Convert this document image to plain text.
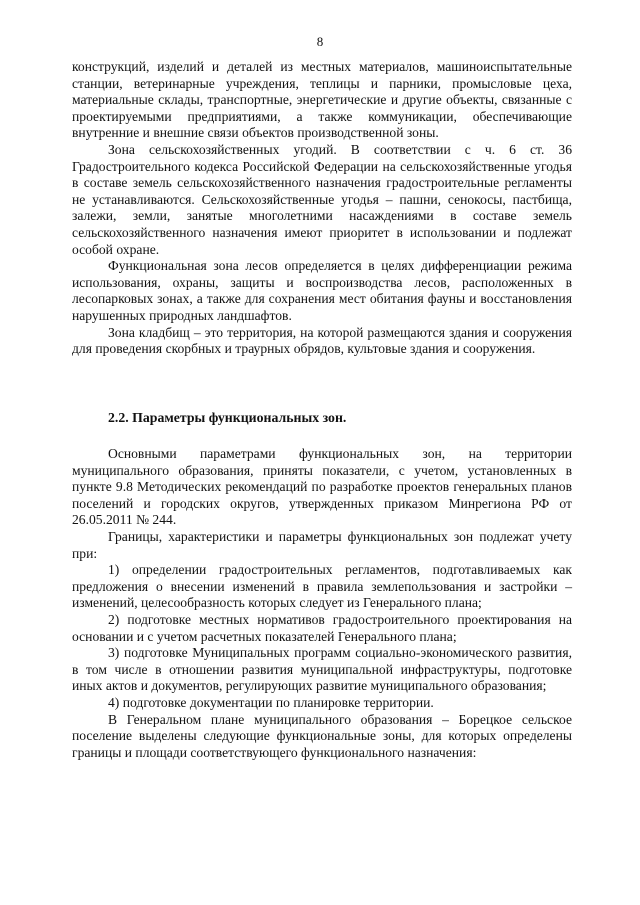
8

конструкций, изделий и деталей из местных материалов, машиноиспытательные станции, ветеринарные учреждения, теплицы и парники, промысловые цеха, материальные склады, транспортные, энергетические и другие объекты, связанные с проектируемыми предприятиями, а также коммуникации, обеспечивающие внутренние и внешние связи объектов производственной зоны.

Зона сельскохозяйственных угодий. В соответствии с ч. 6 ст. 36 Градостроительного кодекса Российской Федерации на сельскохозяйственные угодья в составе земель сельскохозяйственного назначения градостроительные регламенты не устанавливаются. Сельскохозяйственные угодья – пашни, сенокосы, пастбища, залежи, земли, занятые многолетними насаждениями в составе земель сельскохозяйственного назначения имеют приоритет в использовании и подлежат особой охране.

Функциональная зона лесов определяется в целях дифференциации режима использования, охраны, защиты и воспроизводства лесов, расположенных в лесопарковых зонах, а также для сохранения мест обитания фауны и восстановления нарушенных природных ландшафтов.

Зона кладбищ – это территория, на которой размещаются здания и сооружения для проведения скорбных и траурных обрядов, культовые здания и сооружения.

2.2. Параметры функциональных зон.

Основными параметрами функциональных зон, на территории муниципального образования, приняты показатели, с учетом, установленных в пункте 9.8 Методических рекомендаций по разработке проектов генеральных планов поселений и городских округов, утвержденных приказом Минрегиона РФ от 26.05.2011 № 244.

Границы, характеристики и параметры функциональных зон подлежат учету при:

1) определении градостроительных регламентов, подготавливаемых как предложения о внесении изменений в правила землепользования и застройки – изменений, целесообразность которых следует из Генерального плана;

2) подготовке местных нормативов градостроительного проектирования на основании и с учетом расчетных показателей Генерального плана;

3) подготовке Муниципальных программ социально-экономического развития, в том числе в отношении развития муниципальной инфраструктуры, подготовке иных актов и документов, регулирующих развитие муниципального образования;

4) подготовке документации по планировке территории.

В Генеральном плане муниципального образования – Борецкое сельское поселение выделены следующие функциональные зоны, для которых определены границы и площади соответствующего функционального назначения:
